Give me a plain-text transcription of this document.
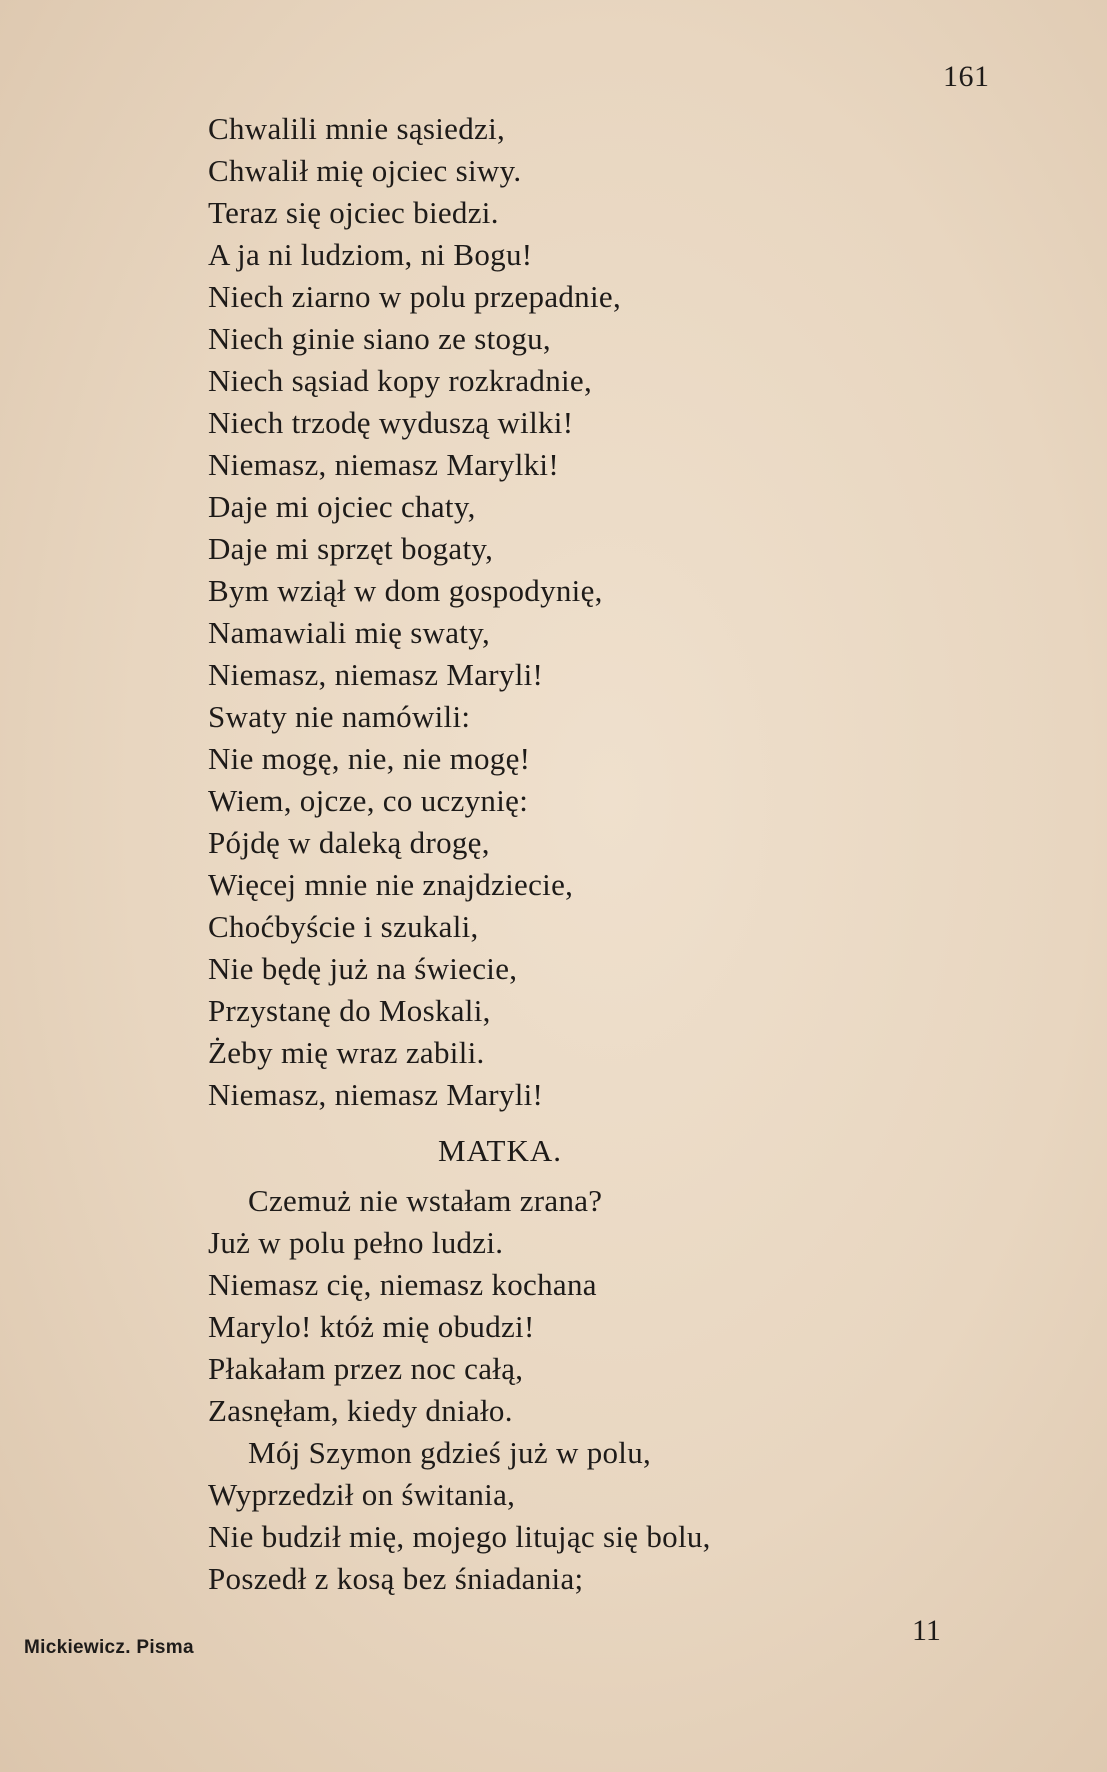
161
Chwalili mnie sąsiedzi,
Chwalił mię ojciec siwy.
Teraz się ojciec biedzi.
A ja ni ludziom, ni Bogu!
Niech ziarno w polu przepadnie,
Niech ginie siano ze stogu,
Niech sąsiad kopy rozkradnie,
Niech trzodę wyduszą wilki!
Niemasz, niemasz Marylki!
Daje mi ojciec chaty,
Daje mi sprzęt bogaty,
Bym wziął w dom gospodynię,
Namawiali mię swaty,
Niemasz, niemasz Maryli!
Swaty nie namówili:
Nie mogę, nie, nie mogę!
Wiem, ojcze, co uczynię:
Pójdę w daleką drogę,
Więcej mnie nie znajdziecie,
Choćbyście i szukali,
Nie będę już na świecie,
Przystanę do Moskali,
Żeby mię wraz zabili.
Niemasz, niemasz Maryli!
MATKA.
Czemuż nie wstałam zrana?
Już w polu pełno ludzi.
Niemasz cię, niemasz kochana
Marylo! któż mię obudzi!
Płakałam przez noc całą,
Zasnęłam, kiedy dniało.
Mój Szymon gdzieś już w polu,
Wyprzedził on świtania,
Nie budził mię, mojego litując się bolu,
Poszedł z kosą bez śniadania;
Mickiewicz. Pisma
11
